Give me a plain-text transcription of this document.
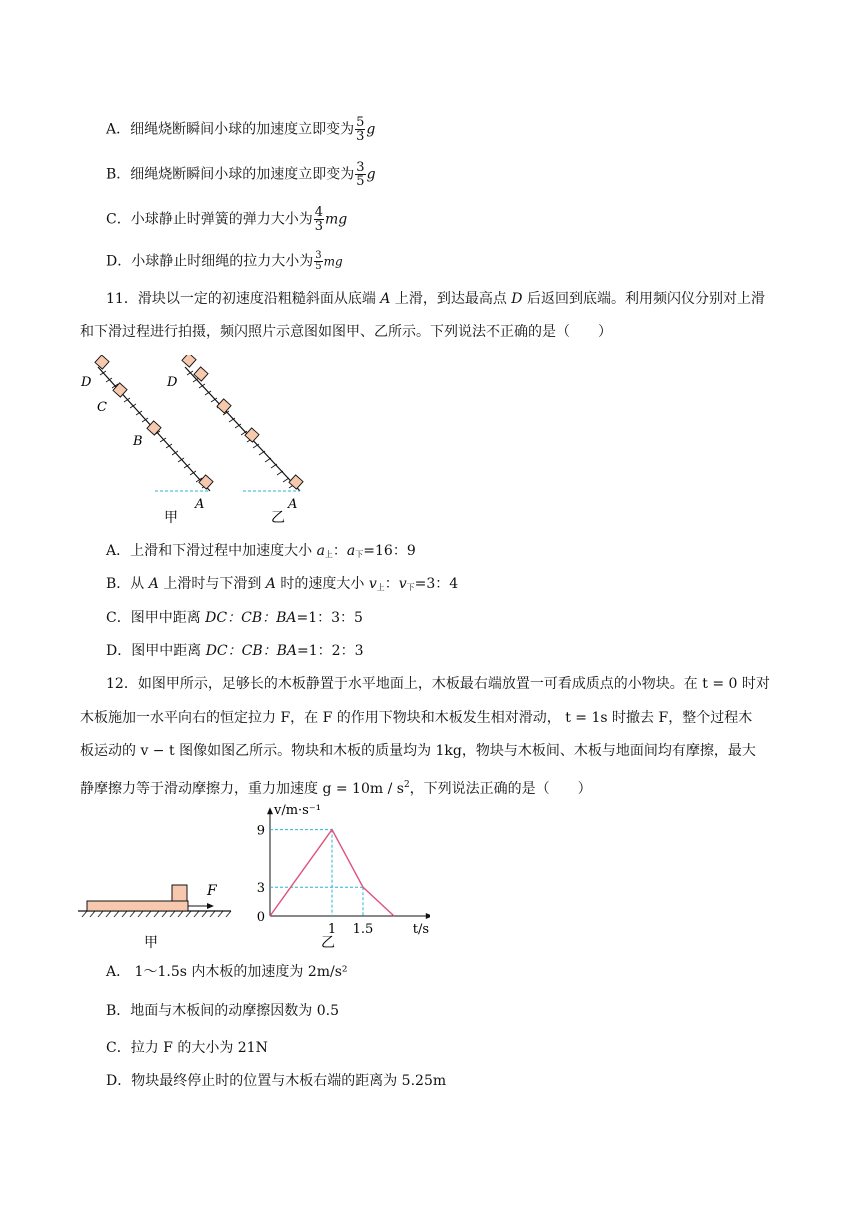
A．细绳烧断瞬间小球的加速度立即变为 $\frac{5}{3}$ g
B．细绳烧断瞬间小球的加速度立即变为 $\frac{3}{5}$ g
C．小球静止时弹簧的弹力大小为 $\frac{4}{3}$ mg
D．小球静止时细绳的拉力大小为 $\frac{3}{5}$ mg
11．滑块以一定的初速度沿粗糙斜面从底端 A 上滑，到达最高点 D 后返回到底端。利用频闪仪分别对上滑
和下滑过程进行拍摄，频闪照片示意图如图甲、乙所示。下列说法不正确的是（　　）
D
C
B
A
甲
D
A
乙
A．上滑和下滑过程中加速度大小 $a_上$：$a_下=16$：9
B．从 A 上滑时与下滑到 A 时的速度大小 $v_上$：$v_下=3$：4
C．图甲中距离 DC：CB：BA=1：3：5
D．图甲中距离 DC：CB：BA=1：2：3
12．如图甲所示，足够长的木板静置于水平地面上，木板最右端放置一可看成质点的小物块。在 t = 0 时对
木板施加一水平向右的恒定拉力 F，在 F 的作用下物块和木板发生相对滑动， t = 1s 时撤去 F，整个过程木
板运动的 v − t 图像如图乙所示。物块和木板的质量均为 1kg，物块与木板间、木板与地面间均有摩擦，最大
静摩擦力等于滑动摩擦力，重力加速度 $g = 10m / s^2$，下列说法正确的是（　　）
F
甲
1 1.5
0
3
9
v/m·s⁻¹
t/s
乙
A． 1～1.5s 内木板的加速度为 2m/s²
B．地面与木板间的动摩擦因数为 0.5
C．拉力 F 的大小为 21N
D．物块最终停止时的位置与木板右端的距离为 5.25m
